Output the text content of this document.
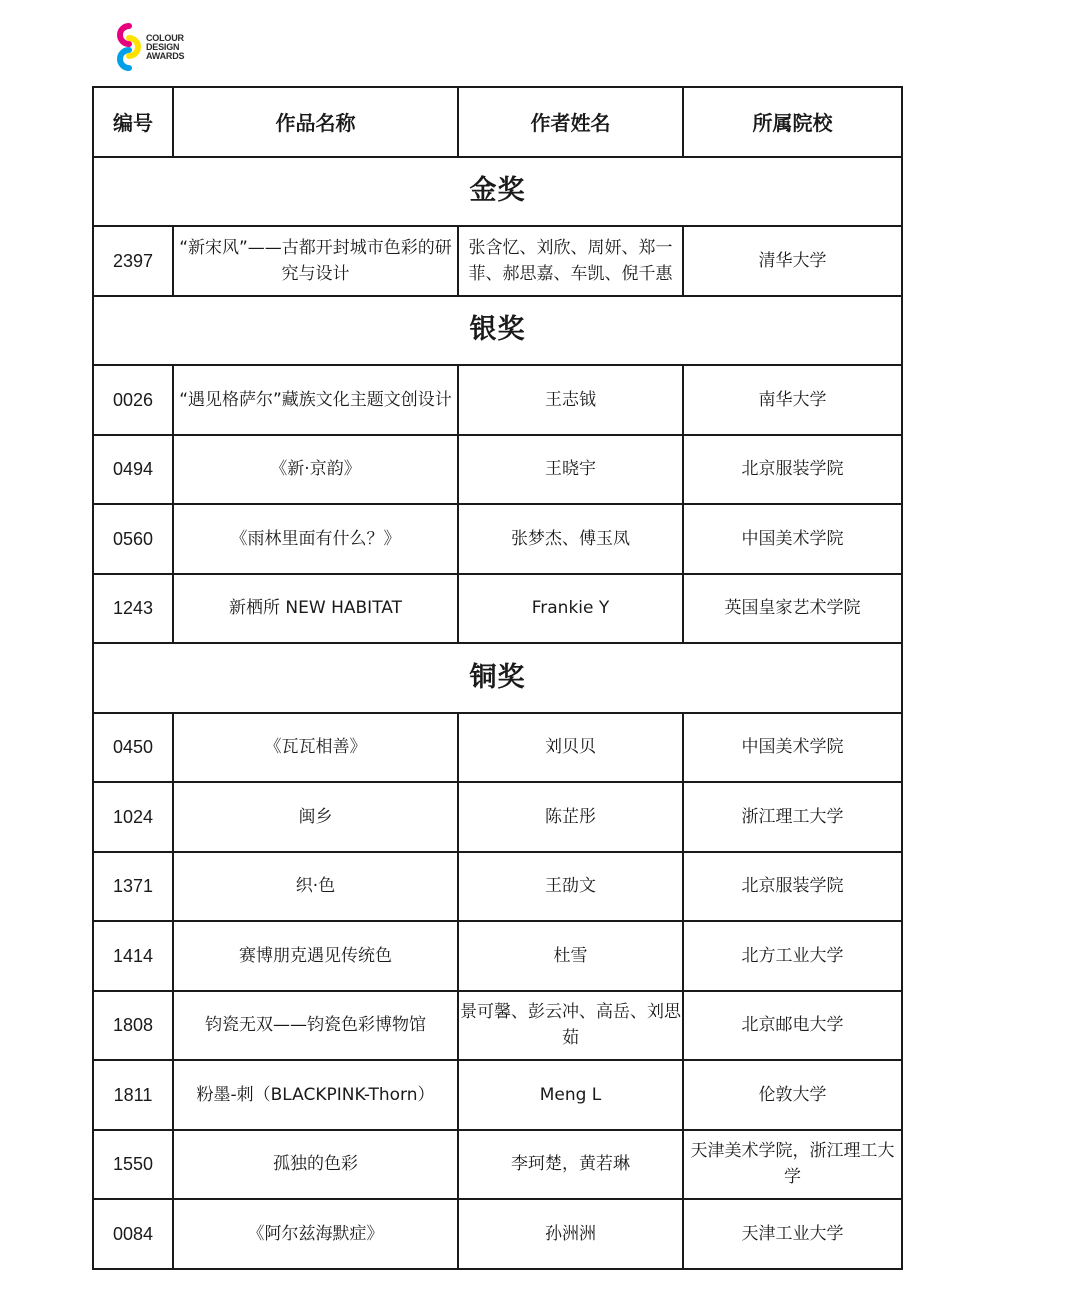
COLOUR
DESIGN
AWARDS
编号	作品名称	作者姓名	所属院校
金奖			
2397	“新宋风”——古都开封城市色彩的研究与设计	张含忆、刘欣、周妍、郑一菲、郝思嘉、车凯、倪千惠	清华大学
银奖			
0026	“遇见格萨尔”藏族文化主题文创设计	王志钺	南华大学
0494	《新·京韵》	王晓宇	北京服装学院
0560	《雨林里面有什么？》	张梦杰、傅玉凤	中国美术学院
1243	新栖所 NEW HABITAT	Frankie Y	英国皇家艺术学院
铜奖			
0450	《瓦瓦相善》	刘贝贝	中国美术学院
1024	闽乡	陈芷彤	浙江理工大学
1371	织·色	王劭文	北京服装学院
1414	赛博朋克遇见传统色	杜雪	北方工业大学
1808	钧瓷无双——钧瓷色彩博物馆	景可馨、彭云冲、高岳、刘思茹	北京邮电大学
1811	粉墨-刺（BLACKPINK-Thorn）	Meng L	伦敦大学
1550	孤独的色彩	李珂楚，黄若琳	天津美术学院，浙江理工大学
0084	《阿尔兹海默症》	孙洲洲	天津工业大学
